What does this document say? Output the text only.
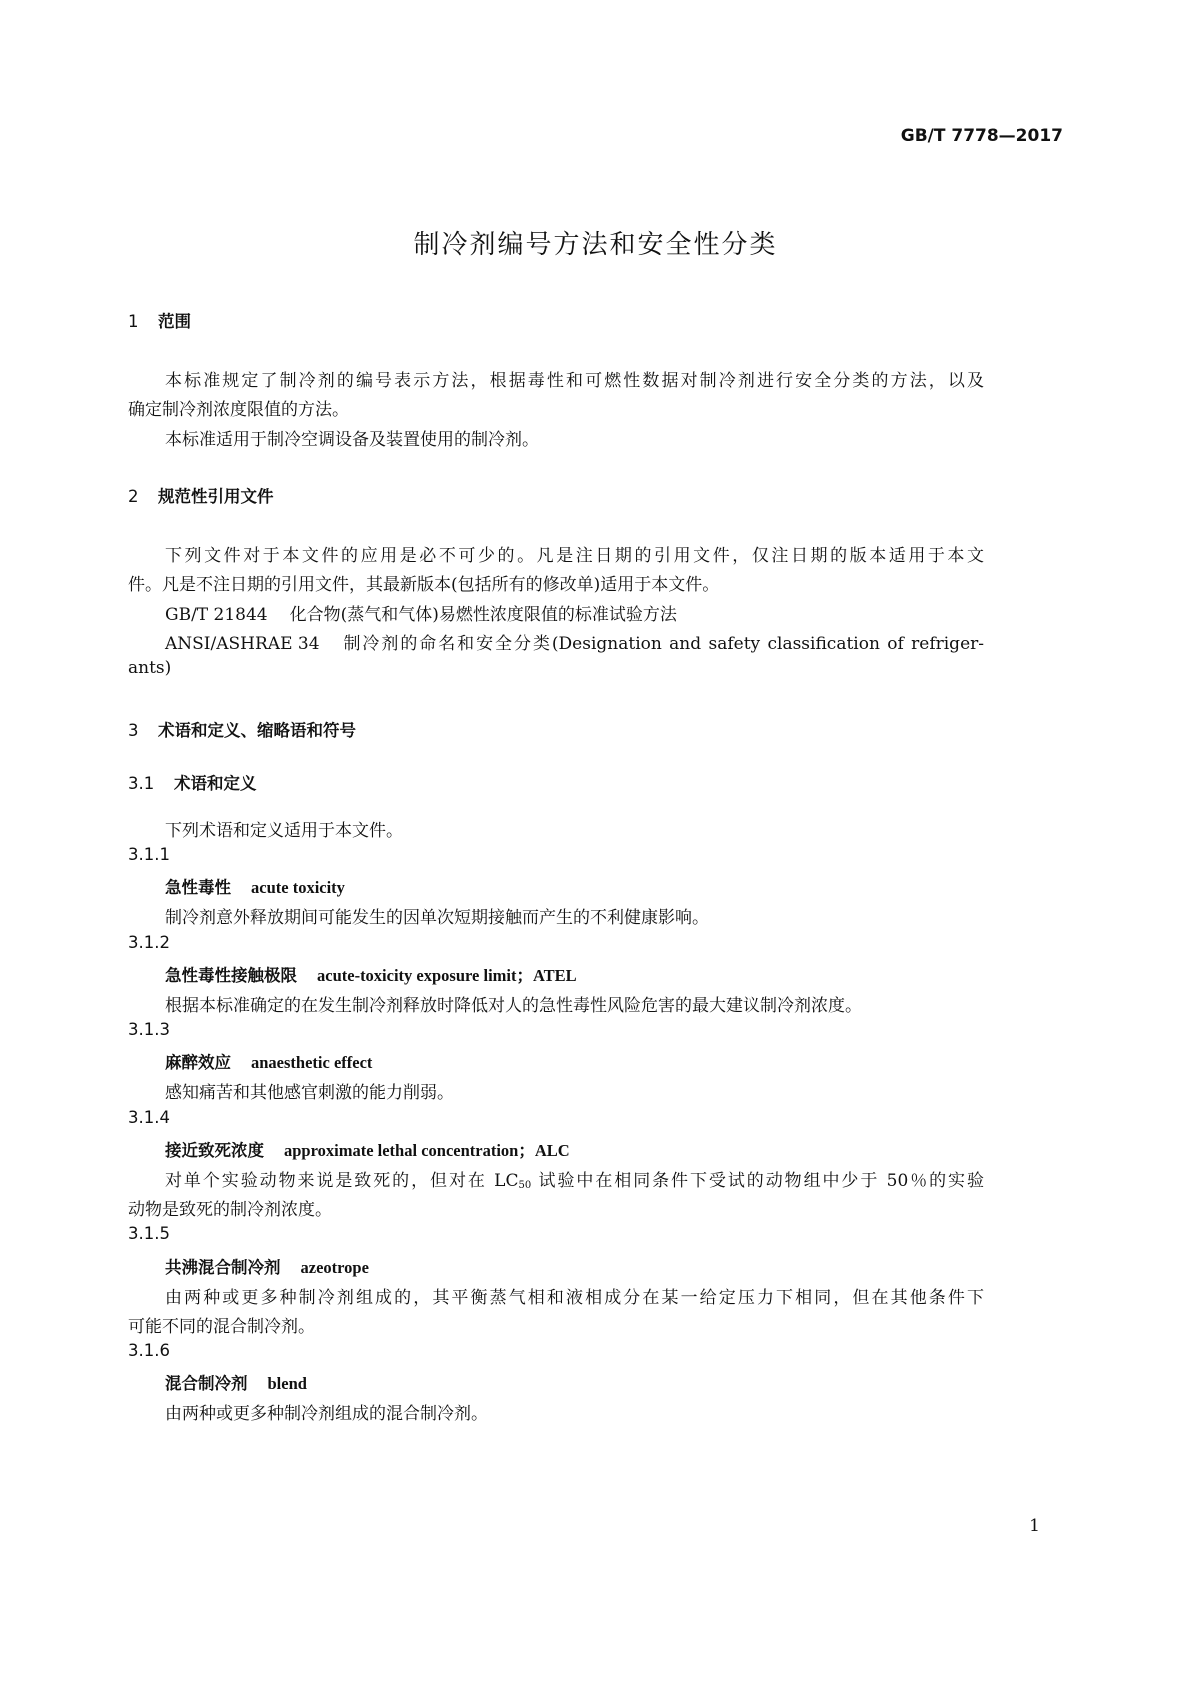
GB/T 7778—2017
制冷剂编号方法和安全性分类
1 范围
本标准规定了制冷剂的编号表示方法，根据毒性和可燃性数据对制冷剂进行安全分类的方法，以及
确定制冷剂浓度限值的方法。
本标准适用于制冷空调设备及装置使用的制冷剂。
2 规范性引用文件
下列文件对于本文件的应用是必不可少的。凡是注日期的引用文件，仅注日期的版本适用于本文
件。凡是不注日期的引用文件，其最新版本(包括所有的修改单)适用于本文件。
GB/T 21844 化合物(蒸气和气体)易燃性浓度限值的标准试验方法
ANSI/ASHRAE 34 制冷剂的命名和安全分类(Designation and safety classification of refriger-
ants)
3 术语和定义、缩略语和符号
3.1 术语和定义
下列术语和定义适用于本文件。
3.1.1
急性毒性 acute toxicity
制冷剂意外释放期间可能发生的因单次短期接触而产生的不利健康影响。
3.1.2
急性毒性接触极限 acute-toxicity exposure limit；ATEL
根据本标准确定的在发生制冷剂释放时降低对人的急性毒性风险危害的最大建议制冷剂浓度。
3.1.3
麻醉效应 anaesthetic effect
感知痛苦和其他感官刺激的能力削弱。
3.1.4
接近致死浓度 approximate lethal concentration；ALC
对单个实验动物来说是致死的，但对在 $LC_{50}$ 试验中在相同条件下受试的动物组中少于 50％的实验
动物是致死的制冷剂浓度。
3.1.5
共沸混合制冷剂 azeotrope
由两种或更多种制冷剂组成的，其平衡蒸气相和液相成分在某一给定压力下相同，但在其他条件下
可能不同的混合制冷剂。
3.1.6
混合制冷剂 blend
由两种或更多种制冷剂组成的混合制冷剂。
1
